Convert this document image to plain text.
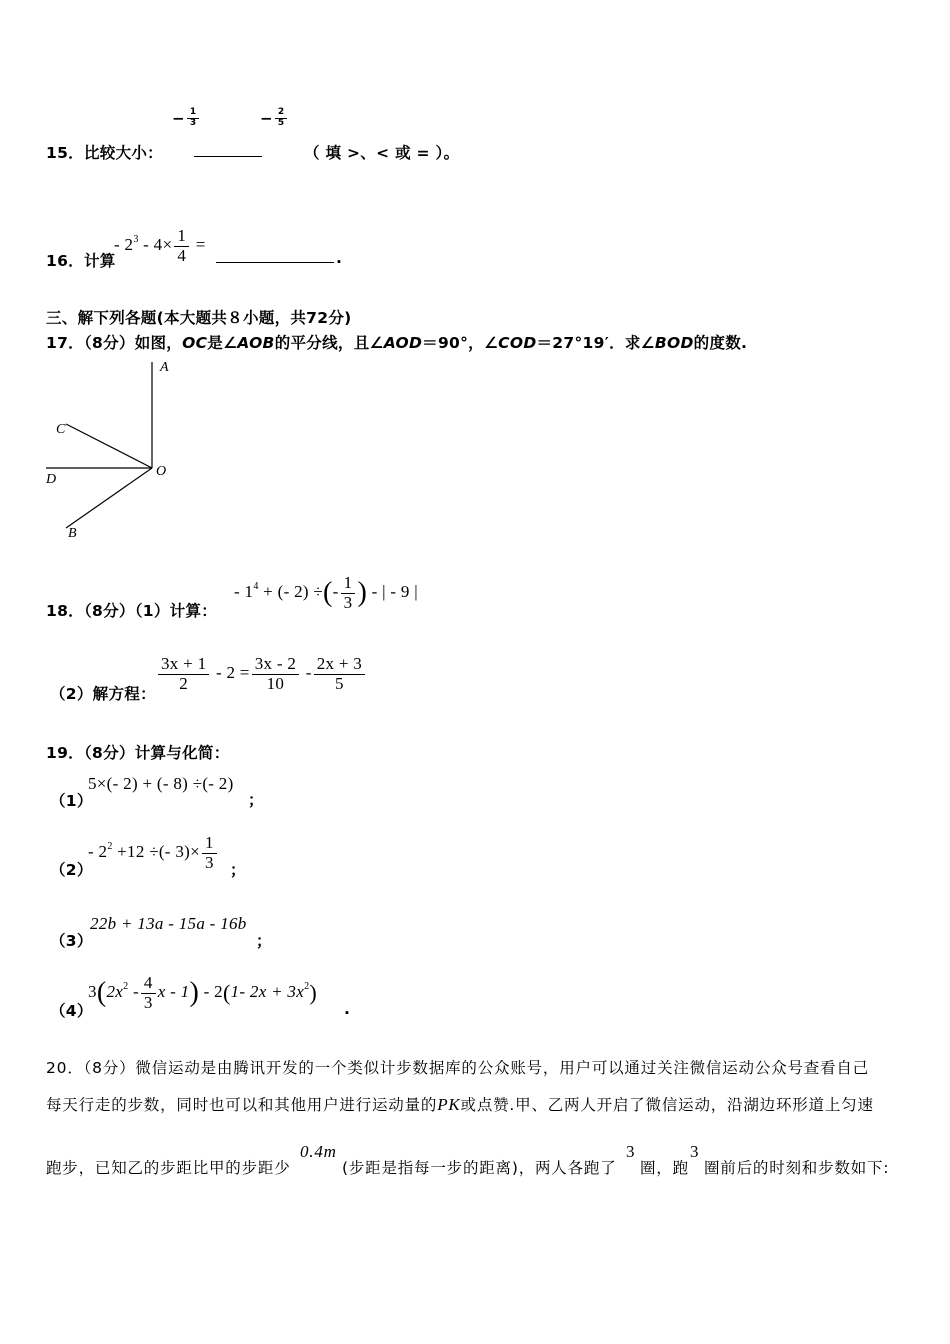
15．比较大小：
− $\frac{1}{3}$	− $\frac{2}{5}$
（ 填 >、< 或 = ）。
16．计算
- $2^3 - 4\times \frac{1}{4}$ =
.
三、解下列各题(本大题共８小题，共72分)
17．（8分）如图，OC是∠AOB的平分线，且∠AOD＝90°，∠COD＝27°19′．求∠BOD的度数.
A
C
D
O
B
18．（8分）（1）计算：
- $1^4$ + (- 2) ÷(- $\frac{1}{3}$ ) - | - 9 |
（2）解方程：
$\frac{3x + 1}{2} - 2 = \frac{3x - 2}{10} - \frac{2x + 3}{5}$
19．（8分）计算与化简：
（1）
5×(- 2) + (- 8) ÷(- 2)
；
（2）
- $2^2 +12$ ÷(- $3)\times \frac{1}{3}$ ；
（3）
22b + 13a - 15a - 16b
；
（4）
$3(2x^2 - \frac{4}{3}$ x - 1) - 2(1- $2x + 3x^2$)
.
20．（8分）微信运动是由腾讯开发的一个类似计步数据库的公众账号，用户可以通过关注微信运动公众号查看自己
每天行走的步数，同时也可以和其他用户进行运动量的PK或点赞.甲、乙两人开启了微信运动，沿湖边环形道上匀速
跑步，已知乙的步距比甲的步距少
0.4m
(步距是指每一步的距离)，两人各跑了
3
圈，跑
3
圈前后的时刻和步数如下:
